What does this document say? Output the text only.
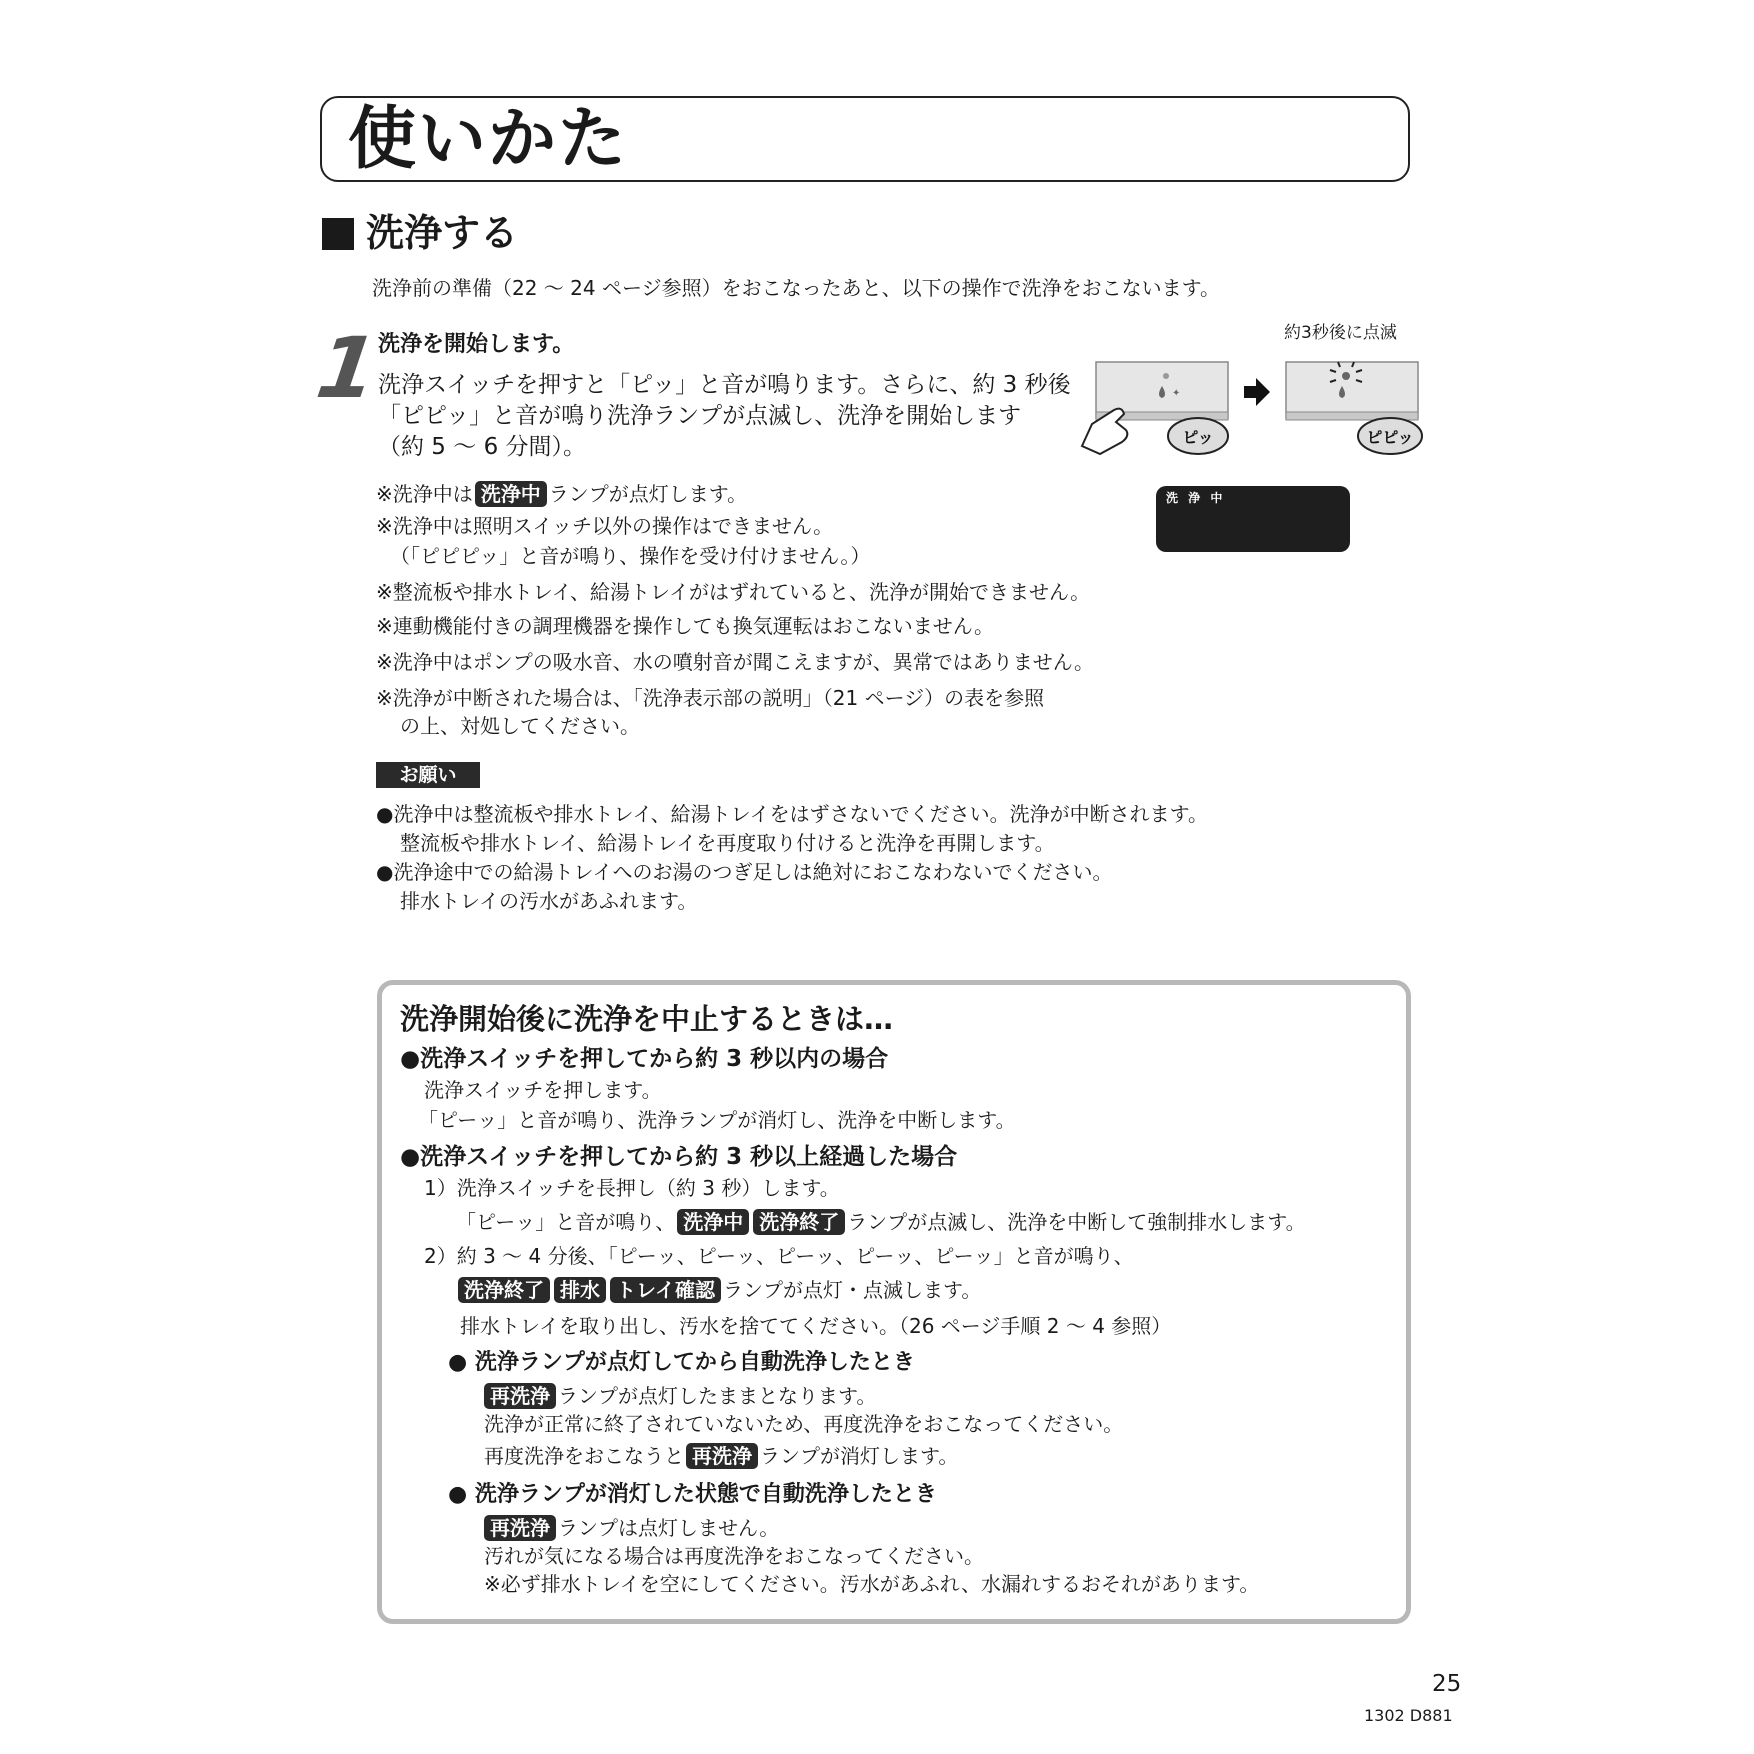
使いかた
洗浄する
洗浄前の準備（22 ～ 24 ページ参照）をおこなったあと、以下の操作で洗浄をおこないます。
1
洗浄を開始します。
洗浄スイッチを押すと「ピッ」と音が鳴ります。さらに、約 3 秒後
「ピピッ」と音が鳴り洗浄ランプが点滅し、洗浄を開始します
（約 5 ～ 6 分間）。
約3秒後に点滅
✦
ピッ	ピピッ
洗 浄 中
※洗浄中は 洗浄中 ランプが点灯します。
※洗浄中は照明スイッチ以外の操作はできません。
（「ピピピッ」と音が鳴り、操作を受け付けません。）
※整流板や排水トレイ、給湯トレイがはずれていると、洗浄が開始できません。
※連動機能付きの調理機器を操作しても換気運転はおこないません。
※洗浄中はポンプの吸水音、水の噴射音が聞こえますが、異常ではありません。
※洗浄が中断された場合は、「洗浄表示部の説明」（21 ページ）の表を参照
の上、対処してください。
お願い
●洗浄中は整流板や排水トレイ、給湯トレイをはずさないでください。洗浄が中断されます。
整流板や排水トレイ、給湯トレイを再度取り付けると洗浄を再開します。
●洗浄途中での給湯トレイへのお湯のつぎ足しは絶対におこなわないでください。
排水トレイの汚水があふれます。
洗浄開始後に洗浄を中止するときは…
●洗浄スイッチを押してから約 3 秒以内の場合
洗浄スイッチを押します。
「ピーッ」と音が鳴り、洗浄ランプが消灯し、洗浄を中断します。
●洗浄スイッチを押してから約 3 秒以上経過した場合
1）洗浄スイッチを長押し（約 3 秒）します。
「ピーッ」と音が鳴り、 洗浄中 洗浄終了 ランプが点滅し、洗浄を中断して強制排水します。
2）約 3 ～ 4 分後、「ピーッ、ピーッ、ピーッ、ピーッ、ピーッ」と音が鳴り、
洗浄終了 排水 トレイ確認 ランプが点灯・点滅します。
排水トレイを取り出し、汚水を捨ててください。（26 ページ手順 2 ～ 4 参照）
● 洗浄ランプが点灯してから自動洗浄したとき
再洗浄 ランプが点灯したままとなります。
洗浄が正常に終了されていないため、再度洗浄をおこなってください。
再度洗浄をおこなうと 再洗浄 ランプが消灯します。
● 洗浄ランプが消灯した状態で自動洗浄したとき
再洗浄 ランプは点灯しません。
汚れが気になる場合は再度洗浄をおこなってください。
※必ず排水トレイを空にしてください。汚水があふれ、水漏れするおそれがあります。
25
1302 D881
